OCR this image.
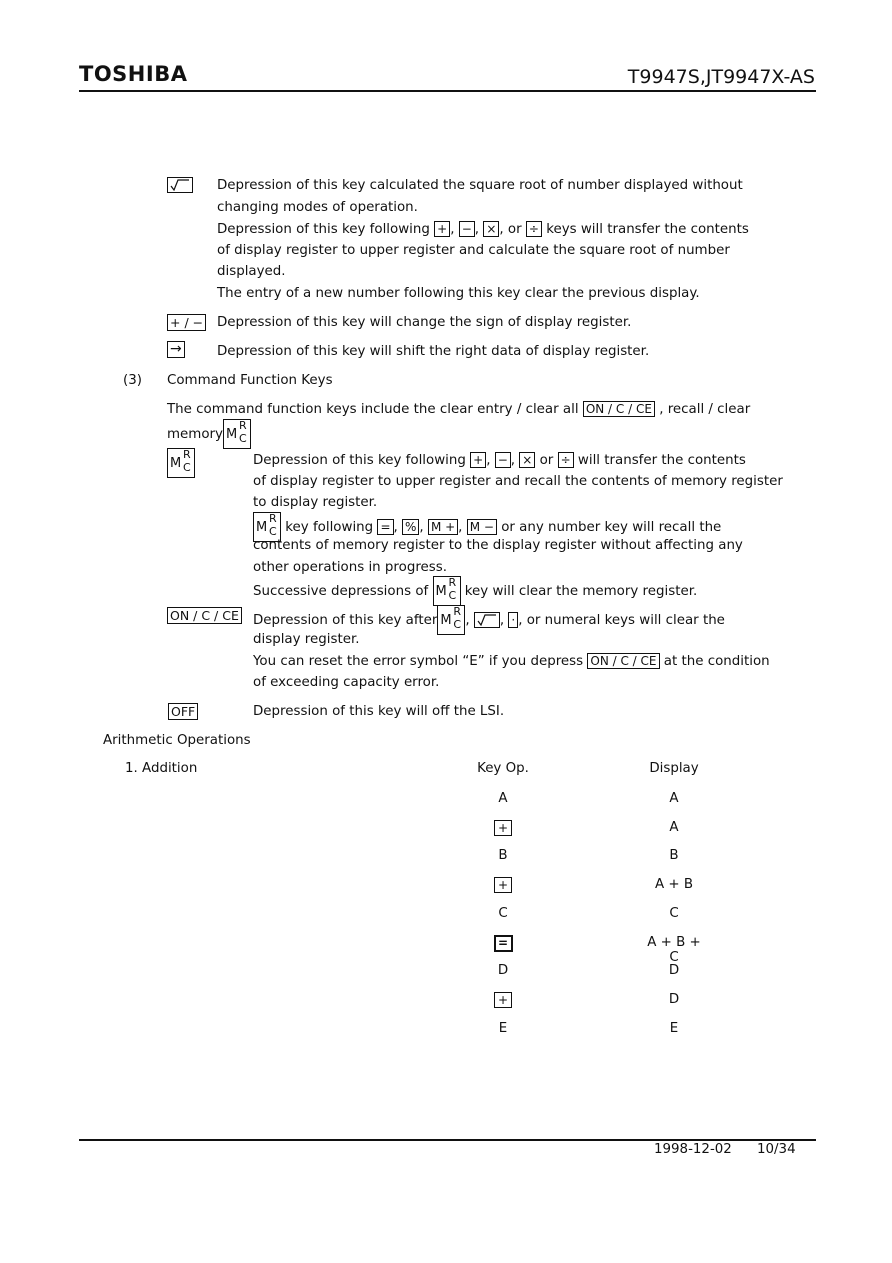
TOSHIBA	T9947S,JT9947X-AS
Depression of this key calculated the square root of number displayed without
changing modes of operation.
Depression of this key following + , − , × , or ÷ keys will transfer the contents
of display register to upper register and calculate the square root of number
displayed.
The entry of a new number following this key clear the previous display.
+ / − Depression of this key will change the sign of display register.
→	Depression of this key will shift the right data of display register.
(3) Command Function Keys
The command function keys include the clear entry / clear all ON / C / CE , recall / clear
memory M
R
C
M
R
C	Depression of this key following + , − , × or ÷ will transfer the contents
of display register to upper register and recall the contents of memory register
to display register.
M
R
C key following = , % , M + , M − or any number key will recall the
contents of memory register to the display register without affecting any
other operations in progress.
Successive depressions of M
R
C key will clear the memory register.
ON / C / CE Depression of this key after M
R
C ,
, · , or numeral keys will clear the
display register.
You can reset the error symbol “E” if you depress ON / C / CE at the condition
of exceeding capacity error.
OFF	Depression of this key will off the LSI.
Arithmetic Operations
1. Addition	Key Op.	Display
A	A
+	A
B	B
+	A + B
C	C
=	A + B + C
D	D
+	D
E	E
1998-12-02 10/34
